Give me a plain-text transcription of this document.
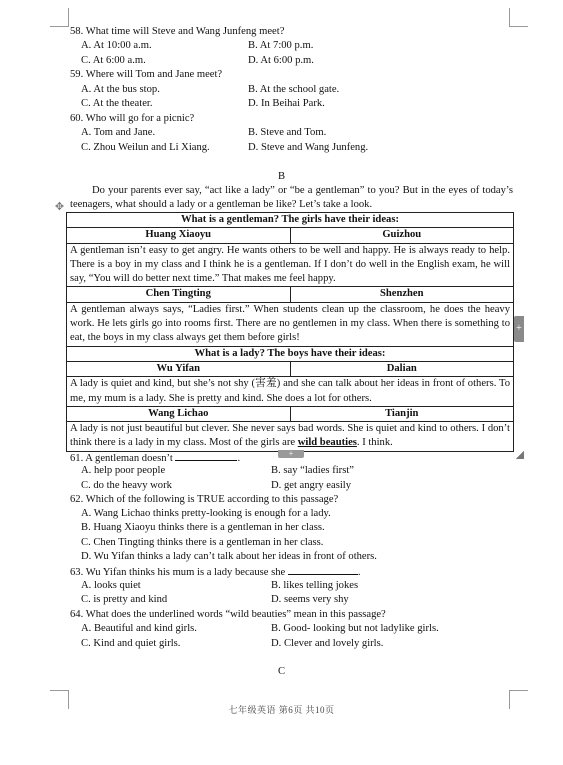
58. What time will Steve and Wang Junfeng meet?
A. At 10:00 a.m.	B. At 7:00 p.m.
C. At 6:00 a.m.	D. At 6:00 p.m.
59. Where will Tom and Jane meet?
A. At the bus stop.	B. At the school gate.
C. At the theater.	D. In Beihai Park.
60. Who will go for a picnic?
A. Tom and Jane.	B. Steve and Tom.
C. Zhou Weilun and Li Xiang.	D. Steve and Wang Junfeng.
B
Do your parents ever say, “act like a lady” or “be a gentleman” to you? But in the eyes of today’s teenagers, what should a lady or a gentleman be like? Let’s take a look.
✥
What is a gentleman? The girls have their ideas:	
Huang Xiaoyu	Guizhou
A gentleman isn’t easy to get angry. He wants others to be well and happy. He is always ready to help. There is a boy in my class and I think he is a gentleman. If I don’t do well in the English exam, he will say, “You will do better next time.” That makes me feel happy.	
Chen Tingting	Shenzhen
A gentleman always says, “Ladies first.” When students clean up the classroom, he does the heavy work. He lets girls go into rooms first. There are no gentlemen in my class. When there is something to eat, the boys in my class always get them before girls!	
What is a lady? The boys have their ideas:	
Wu Yifan	Dalian
A lady is quiet and kind, but she’s not shy (害羞) and she can talk about her ideas in front of others. To me, my mum is a lady. She is pretty and kind. She does a lot for others.	
Wang Lichao	Tianjin
A lady is not just beautiful but clever. She never says bad words. She is quiet and kind to others. I don’t think there is a lady in my class. Most of the girls are wild beauties. I think.	
+
+
61. A gentleman doesn’t	.
A. help poor people	B. say “ladies first”
C. do the heavy work	D. get angry easily
62. Which of the following is TRUE according to this passage?
A. Wang Lichao thinks pretty-looking is enough for a lady.
B. Huang Xiaoyu thinks there is a gentleman in her class.
C. Chen Tingting thinks there is a gentleman in her class.
D. Wu Yifan thinks a lady can’t talk about her ideas in front of others.
63. Wu Yifan thinks his mum is a lady because she	.
A. looks quiet	B. likes telling jokes
C. is pretty and kind	D. seems very shy
64. What does the underlined words “wild beauties” mean in this passage?
A. Beautiful and kind girls.	B. Good- looking but not ladylike girls.
C. Kind and quiet girls.	D. Clever and lovely girls.
C
七年级英语 第6页 共10页
